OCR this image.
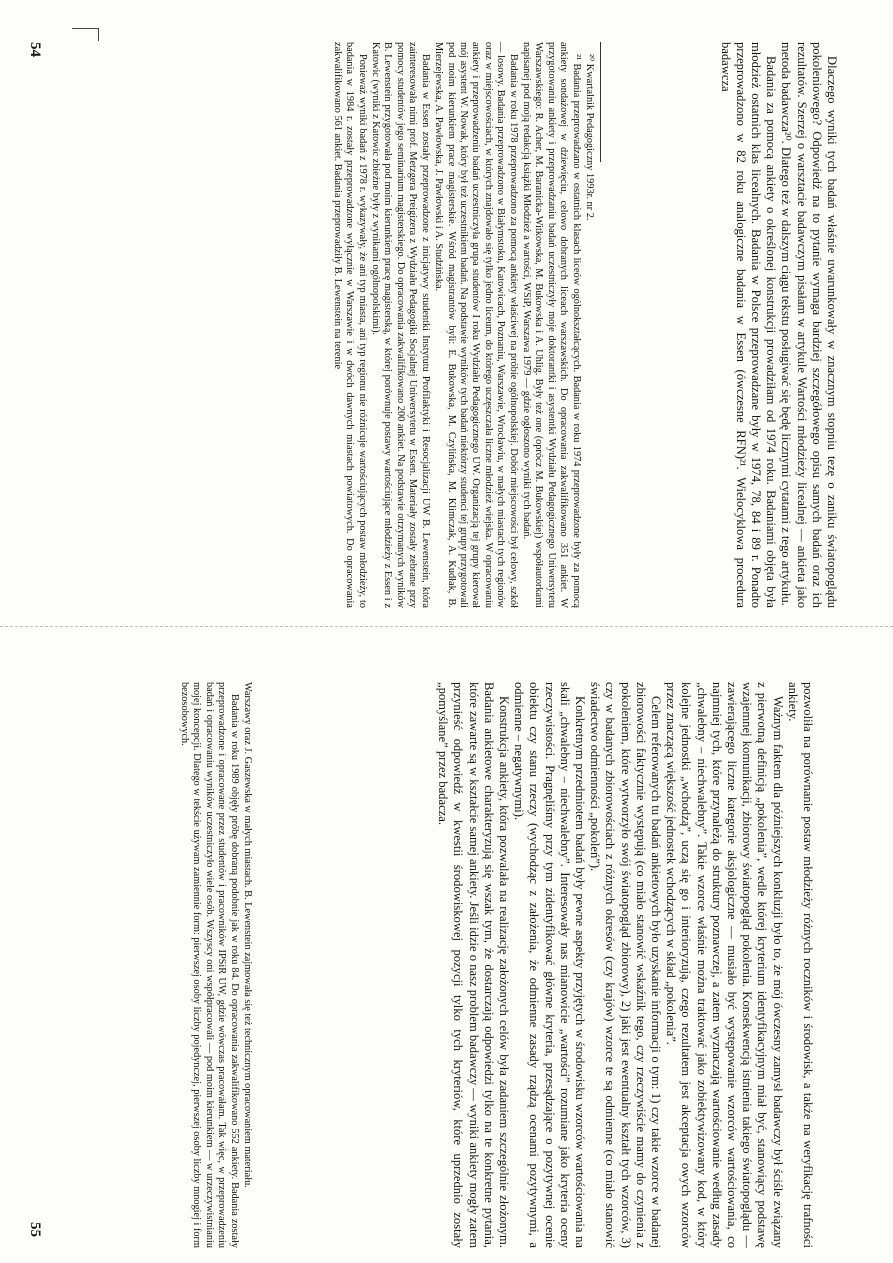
Dlaczego wyniki tych badań właśnie uwarunkowały w znacznym stopniu tezę o zaniku światopoglądu pokoleniowego? Odpowiedź na to pytanie wymaga bardziej szczegółowego opisu samych badań oraz ich rezultatów. Szerzej o warsztacie badawczym pisałam w artykule Wartości młodzieży licealnej — ankieta jako metoda badawcza²⁰. Dlatego też w dalszym ciągu tekstu posługiwać się będę licznymi cytatami z tego artykułu.

Badania za pomocą ankiety o określonej konstrukcji prowadziłam od 1974 roku. Badaniami objęta była młodzież ostatnich klas licealnych. Badania w Polsce przeprowadzane były w 1974, 78, 84 i 89 r. Ponadto przeprowadzono w 82 roku analogiczne badania w Essen (ówczesne RFN)²¹. Wielocyklowa procedura badawcza

²⁰ Kwartalnik Pedagogiczny 1993r. nr 2.

²¹ Badania przeprowadzano w ostatnich klasach liceów ogólnokształcących. Badania w roku 1974 przeprowadzone były za pomocą ankiety sondażowej w dziewięciu, celowo dobranych liceach warszawskich. Do opracowania zakwalifikowano 351 ankiet. W przygotowaniu ankiety i przeprowadzaniu badań uczestniczyły moje doktorantki i asystentki Wydziału Pedagogicznego Uniwersytetu Warszawskiego: R. Acher, M. Baranicka-Witkowska, M. Bukowska i A. Uhlig. Były też one (oprócz M. Bukowskiej) współautorkami napisanej pod moją redakcją książki Młodzież a wartości, WSiP, Warszawa 1979 — gdzie ogłoszono wyniki tych badań.

Badania w roku 1978 przeprowadzono za pomocą ankiety właściwej na próbie ogólnopolskiej. Dobór miejscowości był celowy, szkół — losowy. Badania przeprowadzono w Białymstoku, Katowicach, Poznaniu, Warszawie, Wrocławiu, w małych miastach tych regionów oraz w miejscowościach, w których znajdowało się tylko jedno liceum, do którego uczęszczała liczne młodzież wiejska. W opracowaniu ankiety i przeprowadzeniu badań uczestniczyła grupa studentów I roku Wydziału Pedagogicznego UW. Organizacją tej grupy kierował mój asystent W. Nowak, który był też uczestnikiem badań. Na podstawie wyników tych badań niektórzy studenci tej grupy przygotowali pod moim kierunkiem prace magisterskie. Wśród magistrantów byli: E. Bukowska, M. Czylińska, M. Klimczak, A. Kudłak, B. Mierzejewska, A. Pawłowska, J. Pawłowski i A. Studzińska.

Badania w Essen zostały przeprowadzone z inicjatywy studentki Instytutu Profilaktyki i Resocjalizacji UW B. Lewenstein, która zainteresowała nimi prof. Metzgera Preigizera z Wydziału Pedagogiki Socjalnej Uniwersytetu w Essen. Materiały zostały zebrane przy pomocy studentów jego seminarium magisterskiego. Do opracowania zakwalifikowano 200 ankiet. Na podstawie otrzymanych wyników B. Lewenstein przygotowała pod moim kierunkiem pracę magisterską, w której porównuje postawy wartościujące młodzieży z Essen i z Katowic (wyniki z Katowic zbieżne były z wynikami ogólnopolskimi).

Ponieważ wyniki badań z 1978 r. wykazywały, że ani typ miasta, ani typ regionu nie różnicuje wartościujących postaw młodzieży, to badania w 1984 r. zostały przeprowadzone wyłącznie w Warszawie i w dwóch dawnych miastach powiatowych. Do opracowania zakwalifikowano 561 ankiet. Badania przeprowadziły B. Lewenstein na terenie

54

pozwoliła na porównanie postaw młodzieży różnych roczników i środowisk, a także na weryfikację trafności ankiety.

Ważnym faktem dla późniejszych konkluzji było to, że mój ówczesny zamysł badawczy był ściśle związany z pierwotną definicją „pokolenia”, wedle której kryterium identyfikacyjnym miał być, stanowiący podstawę wzajemnej komunikacji, zbiorowy światopogląd pokolenia. Konsekwencją istnienia takiego światopoglądu — zawierającego liczne kategorie aksjologiczne — musiało być występowanie wzorców wartościowania, co najmniej tych, które przynależą do struktury poznawczej, a zatem wyznaczają wartościowanie według zasady „chwalebny – niechwalebny”. Takie wzorce właśnie można traktować jako zobiektywizowany kod, w który kolejne jednostki „wchodzą”, uczą się go i interioryzują, czego rezultatem jest akceptacja owych wzorców przez znaczącą większość jednostek wchodzących w skład „pokolenia”.

Celem referowanych tu badań ankietowych było uzyskanie informacji o tym: 1) czy takie wzorce w badanej zbiorowości faktycznie występują (co miało stanowić wskaźnik tego, czy rzeczywiście mamy do czynienia z pokoleniem, które wytworzyło swój światopogląd zbiorowy), 2) jaki jest ewentualny kształt tych wzorców, 3) czy w badanych zbiorowościach z różnych okresów (czy krajów) wzorce te są odmienne (co miało stanowić świadectwo odmienności „pokoleń”).

Konkretnym przedmiotem badań były pewne aspekty przyjętych w środowisku wzorców wartościowania na skali „chwalebny – niechwalebny”. Interesowały nas mianowicie „wartości” rozumiane jako kryteria oceny rzeczywistości. Pragnęliśmy przy tym zidentyfikować główne kryteria, przesądzające o pozytywnej ocenie obiektu czy stanu rzeczy (wychodząc z założenia, że odmienne zasady rządzą ocenami pozytywnymi, a odmienne – negatywnymi).

Konstrukcja ankiety, która pozwalała na realizację założonych celów była zadaniem szczególnie złożonym. Badania ankietowe charakteryzują się wszak tym, że dostarczają odpowiedzi tylko na te konkretne pytania, które zawarte są w kształcie samej ankiety. Jeśli idzie o nasz problem badawczy — wyniki ankiety mogły zatem przynieść odpowiedź w kwestii środowiskowej pozycji tylko tych kryteriów, które uprzednio zostały „pomyślane” przez badacza.

Warszawy oraz J. Gaszewska w małych miastach. B. Lewenstein zajmowała się też technicznym opracowaniem materiału.

Badania w roku 1989 objęły próbę dobraną podobnie jak w roku 84. Do opracowania zakwalifikowano 552 ankiety. Badania zostały przeprowadzone i opracowane przez studentów i pracowników IPSiR UW, gdzie wówczas pracowałam. Tak więc, w przeprowadzeniu badań i opracowaniu wyników uczestniczyło wiele osób. Wszyscy oni współpracowali — pod moim kierunkiem — w urzeczywistnianiu mojej koncepcji. Dlatego w tekście używam zamiennie form: pierwszej osoby liczby pojedynczej, pierwszej osoby liczby mnogiej i form bezosobowych.

55
